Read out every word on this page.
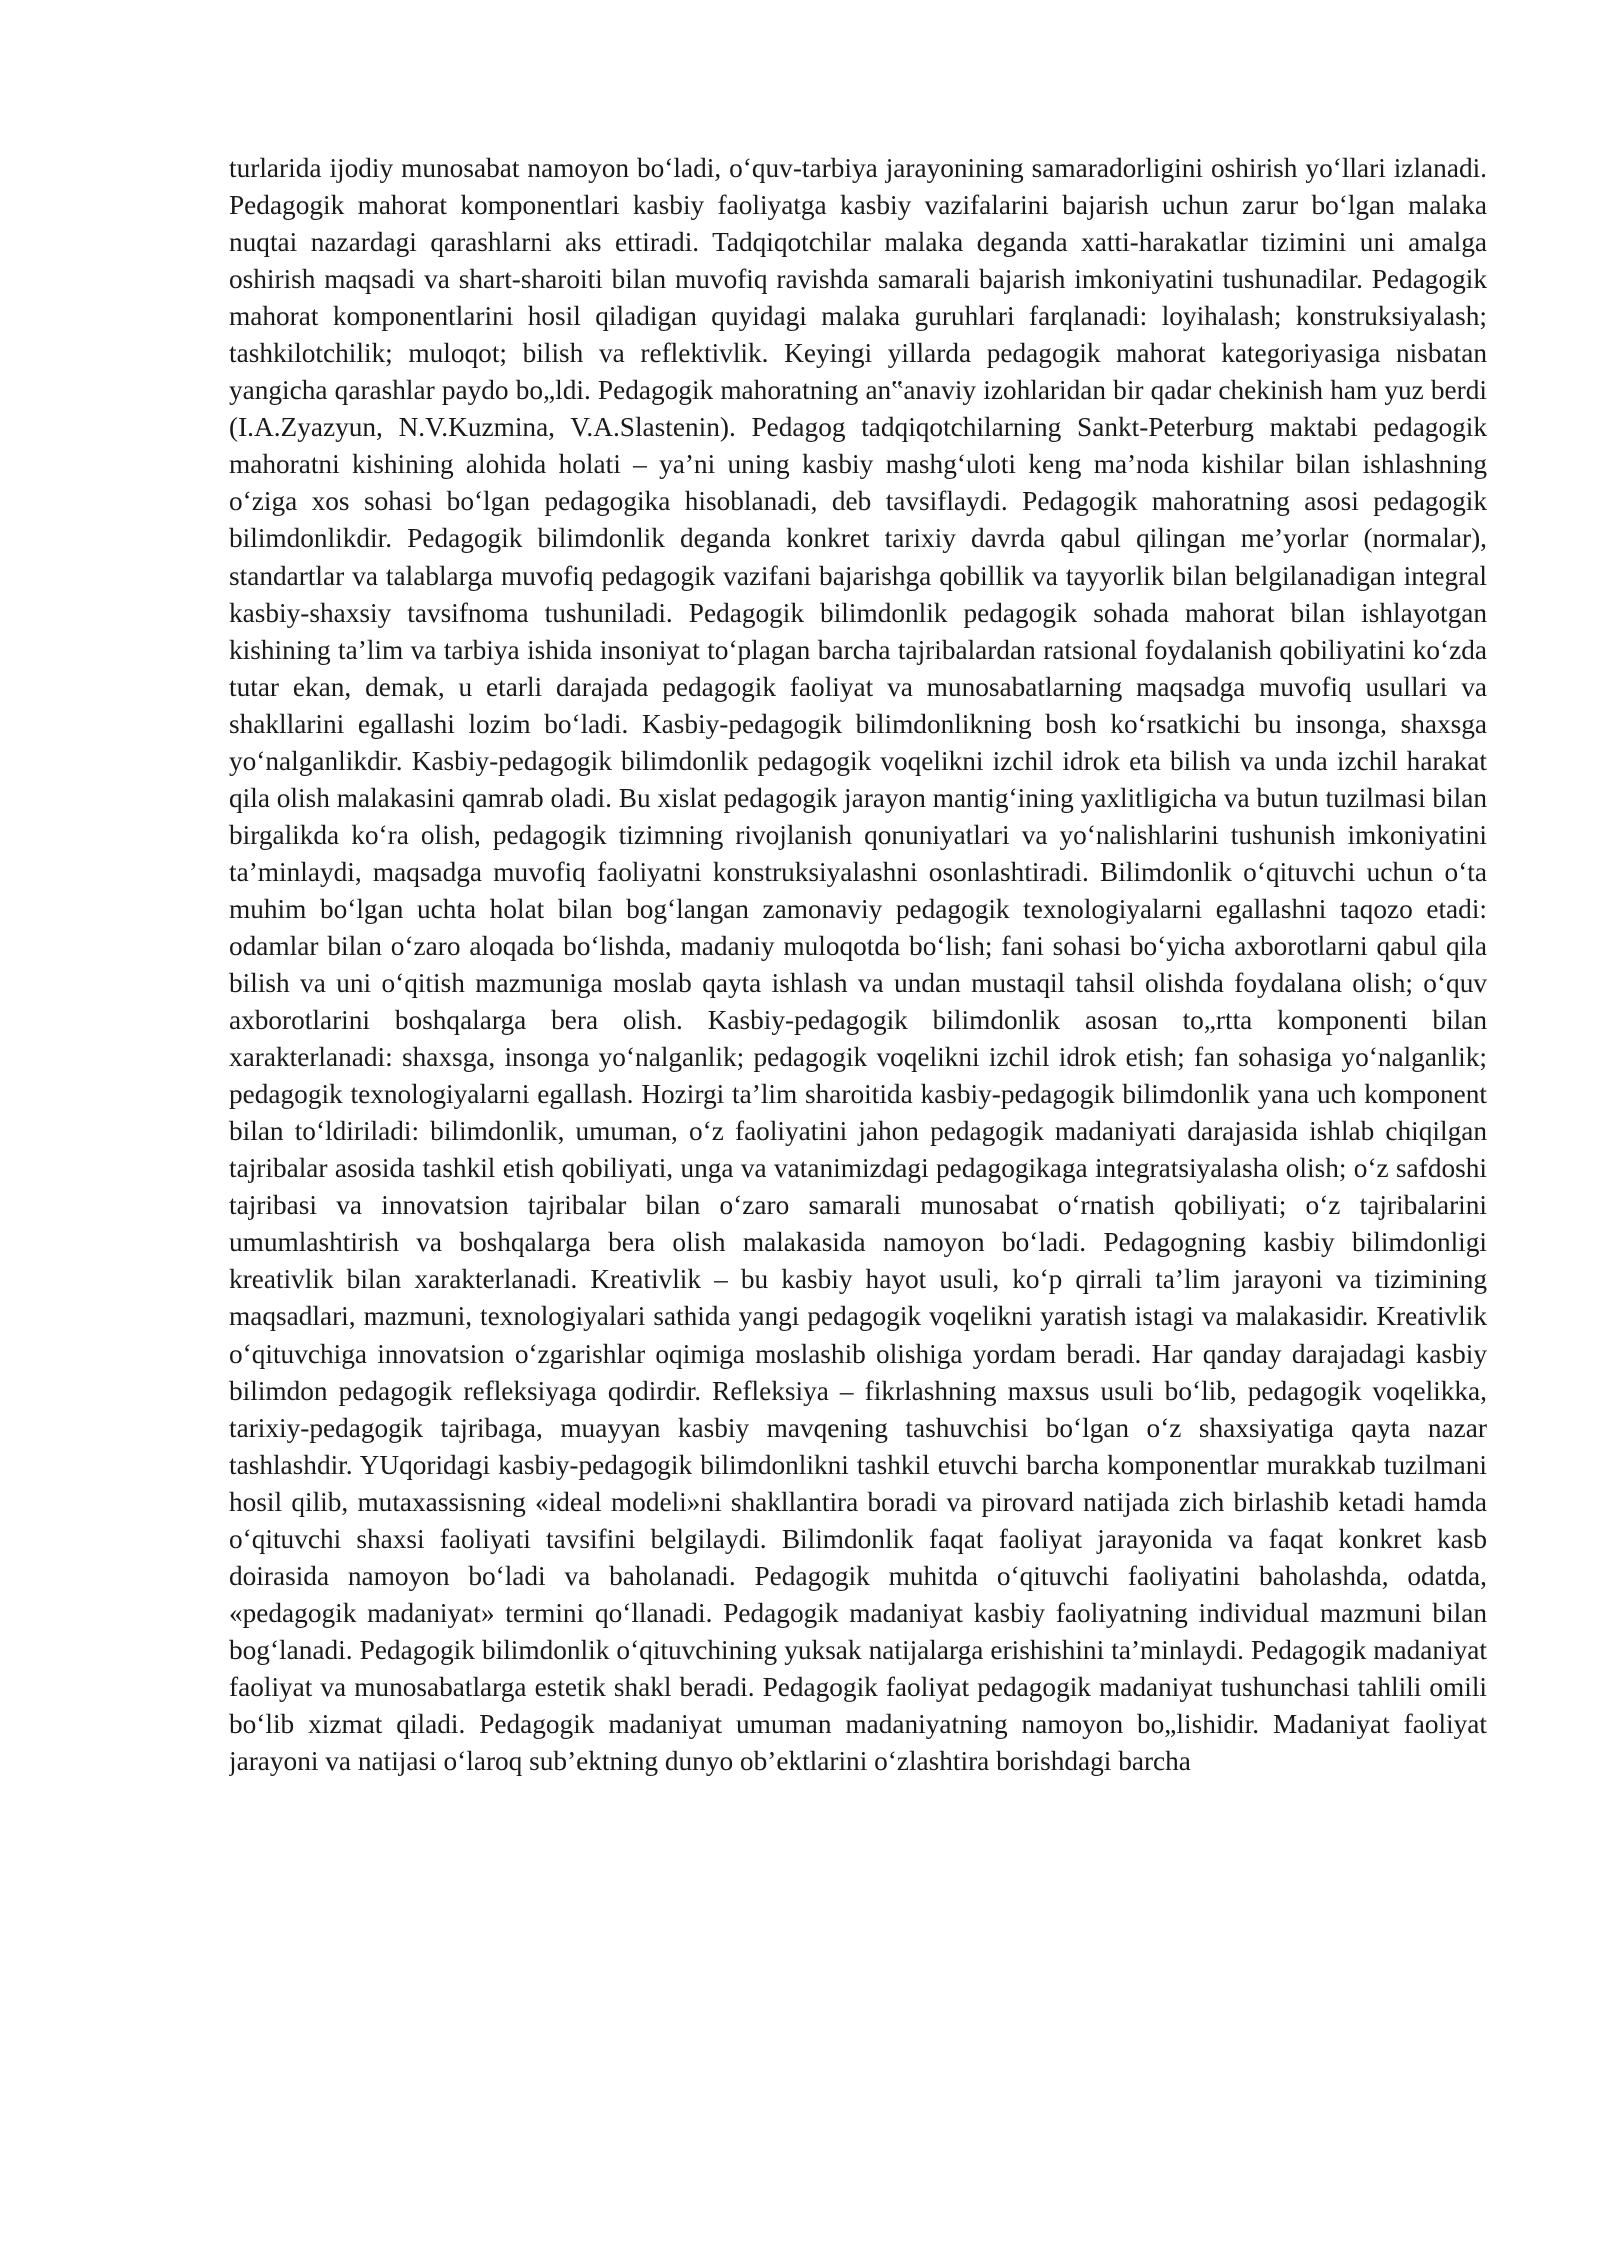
turlarida ijodiy munosabat namoyon boʻladi, oʻquv-tarbiya jarayonining samaradorligini oshirish yoʻllari izlanadi. Pedagogik mahorat komponentlari kasbiy faoliyatga kasbiy vazifalarini bajarish uchun zarur boʻlgan malaka nuqtai nazardagi qarashlarni aks ettiradi. Tadqiqotchilar malaka deganda xatti-harakatlar tizimini uni amalga oshirish maqsadi va shart-sharoiti bilan muvofiq ravishda samarali bajarish imkoniyatini tushunadilar. Pedagogik mahorat komponentlarini hosil qiladigan quyidagi malaka guruhlari farqlanadi: loyihalash; konstruksiyalash; tashkilotchilik; muloqot; bilish va reflektivlik. Keyingi yillarda pedagogik mahorat kategoriyasiga nisbatan yangicha qarashlar paydo bo„ldi. Pedagogik mahoratning an‟anaviy izohlaridan bir qadar chekinish ham yuz berdi (I.A.Zyazyun, N.V.Kuzmina, V.A.Slastenin). Pedagog tadqiqotchilarning Sankt-Peterburg maktabi pedagogik mahoratni kishining alohida holati – ya’ni uning kasbiy mashgʻuloti keng ma’noda kishilar bilan ishlashning oʻziga xos sohasi boʻlgan pedagogika hisoblanadi, deb tavsiflaydi. Pedagogik mahoratning asosi pedagogik bilimdonlikdir. Pedagogik bilimdonlik deganda konkret tarixiy davrda qabul qilingan me’yorlar (normalar), standartlar va talablarga muvofiq pedagogik vazifani bajarishga qobillik va tayyorlik bilan belgilanadigan integral kasbiy-shaxsiy tavsifnoma tushuniladi. Pedagogik bilimdonlik pedagogik sohada mahorat bilan ishlayotgan kishining ta’lim va tarbiya ishida insoniyat toʻplagan barcha tajribalardan ratsional foydalanish qobiliyatini koʻzda tutar ekan, demak, u etarli darajada pedagogik faoliyat va munosabatlarning maqsadga muvofiq usullari va shakllarini egallashi lozim boʻladi. Kasbiy-pedagogik bilimdonlikning bosh koʻrsatkichi bu insonga, shaxsga yoʻnalganlikdir. Kasbiy-pedagogik bilimdonlik pedagogik voqelikni izchil idrok eta bilish va unda izchil harakat qila olish malakasini qamrab oladi. Bu xislat pedagogik jarayon mantigʻining yaxlitligicha va butun tuzilmasi bilan birgalikda koʻra olish, pedagogik tizimning rivojlanish qonuniyatlari va yoʻnalishlarini tushunish imkoniyatini ta’minlaydi, maqsadga muvofiq faoliyatni konstruksiyalashni osonlashtiradi. Bilimdonlik oʻqituvchi uchun oʻta muhim boʻlgan uchta holat bilan bogʻlangan zamonaviy pedagogik texnologiyalarni egallashni taqozo etadi: odamlar bilan oʻzaro aloqada boʻlishda, madaniy muloqotda boʻlish; fani sohasi boʻyicha axborotlarni qabul qila bilish va uni oʻqitish mazmuniga moslab qayta ishlash va undan mustaqil tahsil olishda foydalana olish; oʻquv axborotlarini boshqalarga bera olish. Kasbiy-pedagogik bilimdonlik asosan to„rtta komponenti bilan xarakterlanadi: shaxsga, insonga yoʻnalganlik; pedagogik voqelikni izchil idrok etish; fan sohasiga yoʻnalganlik; pedagogik texnologiyalarni egallash. Hozirgi ta’lim sharoitida kasbiy-pedagogik bilimdonlik yana uch komponent bilan toʻldiriladi: bilimdonlik, umuman, oʻz faoliyatini jahon pedagogik madaniyati darajasida ishlab chiqilgan tajribalar asosida tashkil etish qobiliyati, unga va vatanimizdagi pedagogikaga integratsiyalasha olish; oʻz safdoshi tajribasi va innovatsion tajribalar bilan oʻzaro samarali munosabat oʻrnatish qobiliyati; oʻz tajribalarini umumlashtirish va boshqalarga bera olish malakasida namoyon boʻladi. Pedagogning kasbiy bilimdonligi kreativlik bilan xarakterlanadi. Kreativlik – bu kasbiy hayot usuli, koʻp qirrali ta’lim jarayoni va tizimining maqsadlari, mazmuni, texnologiyalari sathida yangi pedagogik voqelikni yaratish istagi va malakasidir. Kreativlik oʻqituvchiga innovatsion oʻzgarishlar oqimiga moslashib olishiga yordam beradi. Har qanday darajadagi kasbiy bilimdon pedagogik refleksiyaga qodirdir. Refleksiya – fikrlashning maxsus usuli boʻlib, pedagogik voqelikka, tarixiy-pedagogik tajribaga, muayyan kasbiy mavqening tashuvchisi boʻlgan oʻz shaxsiyatiga qayta nazar tashlashdir. YUqoridagi kasbiy-pedagogik bilimdonlikni tashkil etuvchi barcha komponentlar murakkab tuzilmani hosil qilib, mutaxassisning «ideal modeli»ni shakllantira boradi va pirovard natijada zich birlashib ketadi hamda oʻqituvchi shaxsi faoliyati tavsifini belgilaydi. Bilimdonlik faqat faoliyat jarayonida va faqat konkret kasb doirasida namoyon boʻladi va baholanadi. Pedagogik muhitda oʻqituvchi faoliyatini baholashda, odatda, «pedagogik madaniyat» termini qoʻllanadi. Pedagogik madaniyat kasbiy faoliyatning individual mazmuni bilan bogʻlanadi. Pedagogik bilimdonlik oʻqituvchining yuksak natijalarga erishishini ta’minlaydi. Pedagogik madaniyat faoliyat va munosabatlarga estetik shakl beradi. Pedagogik faoliyat pedagogik madaniyat tushunchasi tahlili omili boʻlib xizmat qiladi. Pedagogik madaniyat umuman madaniyatning namoyon bo„lishidir. Madaniyat faoliyat jarayoni va natijasi oʻlaroq sub’ektning dunyo ob’ektlarini oʻzlashtira borishdagi barcha
